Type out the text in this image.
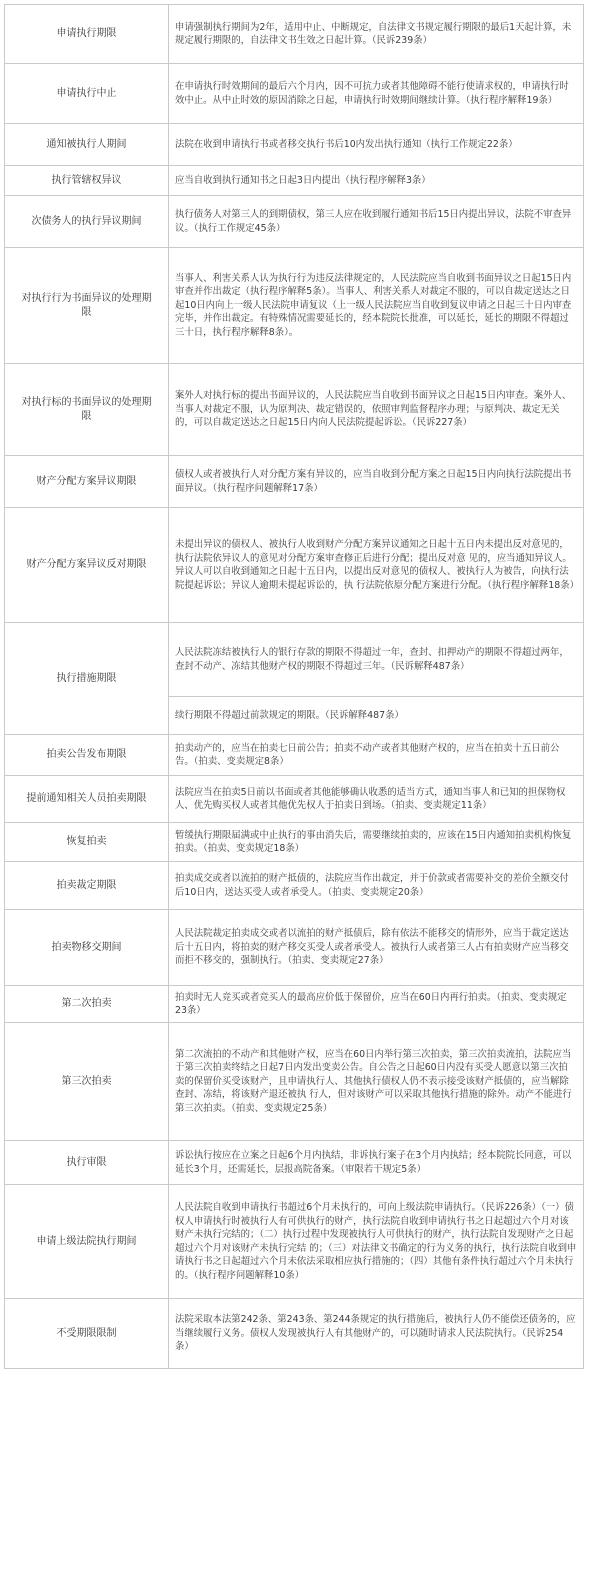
申请执行期限
申请强制执行期间为2年，适用中止、中断规定，自法律文书规定履行期限的最后1天起计算，未规定履行期限的，自法律文书生效之日起计算。（民诉239条）
申请执行中止
在申请执行时效期间的最后六个月内，因不可抗力或者其他障碍不能行使请求权的，申请执行时效中止。从中止时效的原因消除之日起，申请执行时效期间继续计算。（执行程序解释19条）
通知被执行人期间	法院在收到申请执行书或者移交执行书后10内发出执行通知（执行工作规定22条）
执行管辖权异议	应当自收到执行通知书之日起3日内提出（执行程序解释3条）
次债务人的执行异议期间
执行债务人对第三人的到期债权，第三人应在收到履行通知书后15日内提出异议，法院不审查异议。（执行工作规定45条）
对执行行为书面异议的处理期限
当事人、利害关系人认为执行行为违反法律规定的，人民法院应当自收到书面异议之日起15日内审查并作出裁定（执行程序解释5条）。当事人、利害关系人对裁定不服的，可以自裁定送达之日起10日内向上一级人民法院申请复议（上一级人民法院应当自收到复议申请之日起三十日内审查完毕，并作出裁定。有特殊情况需要延长的，经本院院长批准，可以延长，延长的期限不得超过三十日，执行程序解释8条）。
对执行标的书面异议的处理期限
案外人对执行标的提出书面异议的，人民法院应当自收到书面异议之日起15日内审查。案外人、当事人对裁定不服，认为原判决、裁定错误的，依照审判监督程序办理；与原判决、裁定无关的，可以自裁定送达之日起15日内向人民法院提起诉讼。（民诉227条）
财产分配方案异议期限
债权人或者被执行人对分配方案有异议的，应当自收到分配方案之日起15日内向执行法院提出书面异议。（执行程序问题解释17条）
财产分配方案异议反对期限
未提出异议的债权人、被执行人收到财产分配方案异议通知之日起十五日内未提出反对意见的，执行法院依异议人的意见对分配方案审查修正后进行分配；提出反对意 见的，应当通知异议人。异议人可以自收到通知之日起十五日内，以提出反对意见的债权人、被执行人为被告，向执行法院提起诉讼；异议人逾期未提起诉讼的，执 行法院依原分配方案进行分配。（执行程序解释18条）
执行措施期限
人民法院冻结被执行人的银行存款的期限不得超过一年，查封、扣押动产的期限不得超过两年，查封不动产、冻结其他财产权的期限不得超过三年。（民诉解释487条）
续行期限不得超过前款规定的期限。（民诉解释487条）
拍卖公告发布期限
拍卖动产的，应当在拍卖七日前公告；拍卖不动产或者其他财产权的，应当在拍卖十五日前公告。（拍卖、变卖规定8条）
提前通知相关人员拍卖期限
法院应当在拍卖5日前以书面或者其他能够确认收悉的适当方式，通知当事人和已知的担保物权人、优先购买权人或者其他优先权人于拍卖日到场。（拍卖、变卖规定11条）
恢复拍卖
暂缓执行期限届满或中止执行的事由消失后，需要继续拍卖的，应该在15日内通知拍卖机构恢复拍卖。（拍卖、变卖规定18条）
拍卖裁定期限
拍卖成交或者以流拍的财产抵债的，法院应当作出裁定，并于价款或者需要补交的差价全额交付后10日内，送达买受人或者承受人。（拍卖、变卖规定20条）
拍卖物移交期间
人民法院裁定拍卖成交或者以流拍的财产抵债后，除有依法不能移交的情形外，应当于裁定送达后十五日内，将拍卖的财产移交买受人或者承受人。被执行人或者第三人占有拍卖财产应当移交而拒不移交的，强制执行。（拍卖、变卖规定27条）
第二次拍卖
拍卖时无人竞买或者竞买人的最高应价低于保留价，应当在60日内再行拍卖。（拍卖、变卖规定23条）
第三次拍卖
第二次流拍的不动产和其他财产权，应当在60日内举行第三次拍卖，第三次拍卖流拍，法院应当于第三次拍卖终结之日起7日内发出变卖公告。自公告之日起60日内没有买受人愿意以第三次拍卖的保留价买受该财产，且申请执行人、其他执行债权人仍不表示接受该财产抵债的，应当解除查封、冻结，将该财产退还被执 行人，但对该财产可以采取其他执行措施的除外。动产不能进行第三次拍卖。（拍卖、变卖规定25条）
执行审限
诉讼执行按应在立案之日起6个月内执结，非诉执行案子在3个月内执结；经本院院长同意，可以延长3个月，还需延长，层报高院备案。（审限若干规定5条）
申请上级法院执行期间
人民法院自收到申请执行书超过6个月未执行的，可向上级法院申请执行。（民诉226条）（一）债权人申请执行时被执行人有可供执行的财产，执行法院自收到申请执行书之日起超过六个月对该财产未执行完结的；（二）执行过程中发现被执行人可供执行的财产，执行法院自发现财产之日起超过六个月对该财产未执行完结 的；（三）对法律文书确定的行为义务的执行，执行法院自收到申请执行书之日起超过六个月未依法采取相应执行措施的；（四）其他有条件执行超过六个月未执行的。（执行程序问题解释10条）
不受期限限制
法院采取本法第242条、第243条、第244条规定的执行措施后，被执行人仍不能偿还债务的，应当继续履行义务。债权人发现被执行人有其他财产的，可以随时请求人民法院执行。（民诉254条）
